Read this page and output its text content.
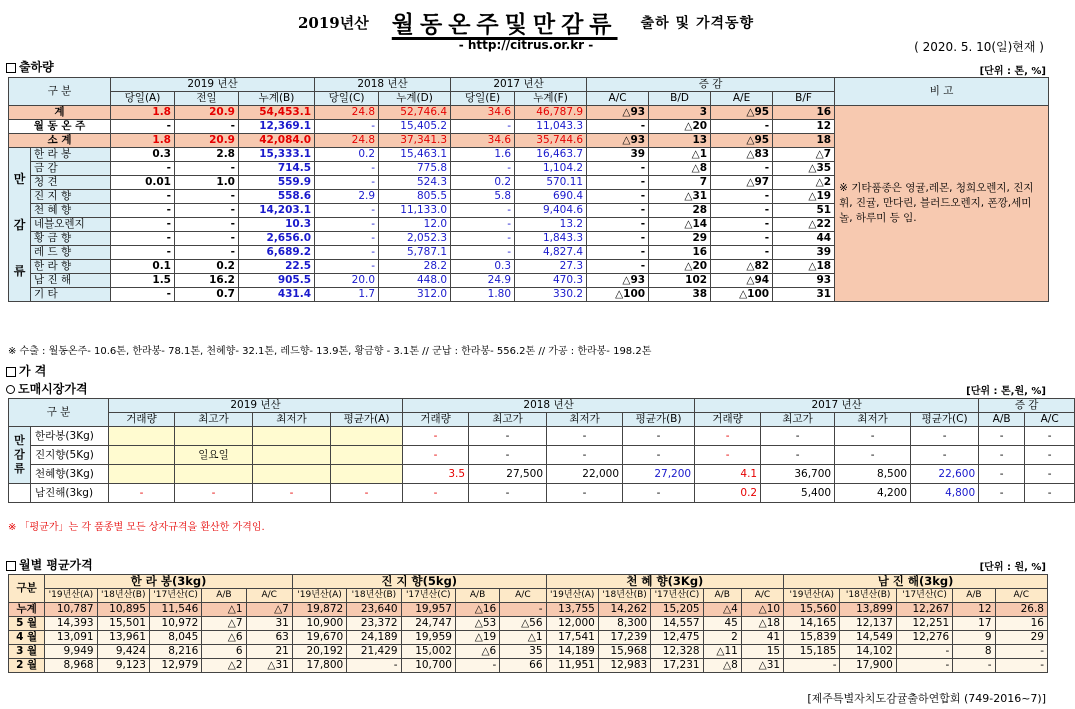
2019년산 월동온주및만감류 출하 및 가격동향
- http://citrus.or.kr -	( 2020. 5. 10(일)현재 )
출하량	[단위 : 톤, %]
구 분		2019 년산			2018 년산		2017 년산		증 감				비 고
		당일(A)	전일	누계(B)	당일(C)	누계(D)	당일(E)	누계(F)	A/C	B/D	A/E	B/F	
계		1.8	20.9	54,453.1	24.8	52,746.4	34.6	46,787.9	△93	3	△95	16	※ 기타품종은 영귤,레몬, 청희오렌지, 진지휘, 진귤, 만다린, 블러드오렌지, 폰깡,세미놀, 하루미 등 임.
월 동 온 주		-	-	12,369.1	-	15,405.2	-	11,043.3	-	△20	-	12	
소 계		1.8	20.9	42,084.0	24.8	37,341.3	34.6	35,744.6	△93	13	△95	18	

만
감
류	한 라 봉	0.3	2.8	15,333.1	0.2	15,463.1	1.6	16,463.7	39	△1	△83	△7	
	금 감	-	-	714.5	-	775.8	-	1,104.2	-	△8	-	△35	
	청 견	0.01	1.0	559.9	-	524.3	0.2	570.11	-	7	△97	△2	
	진 지 향	-	-	558.6	2.9	805.5	5.8	690.4	-	△31	-	△19	
	천 혜 향	-	-	14,203.1	-	11,133.0	-	9,404.6	-	28	-	51	
	네블오렌지	-	-	10.3	-	12.0	-	13.2	-	△14	-	△22	
	황 금 향	-	-	2,656.0	-	2,052.3	-	1,843.3	-	29	-	44	
	레 드 향	-	-	6,689.2	-	5,787.1	-	4,827.4	-	16	-	39	
	한 라 향	0.1	0.2	22.5	-	28.2	0.3	27.3	-	△20	△82	△18	
	남 진 해	1.5	16.2	905.5	20.0	448.0	24.9	470.3	△93	102	△94	93	
	기 타	-	0.7	431.4	1.7	312.0	1.80	330.2	△100	38	△100	31	
※ 수출 : 월동온주- 10.6톤, 한라봉- 78.1톤, 천혜향- 32.1톤, 레드향- 13.9톤, 황금향 - 3.1톤 // 군납 : 한라봉- 556.2톤 // 가공 : 한라봉- 198.2톤
가 격
도매시장가격	[단위 : 톤,원, %]
구 분		2019 년산				2018 년산				2017 년산				증 감	
		거래량	최고가	최저가	평균가(A)	거래량	최고가	최저가	평균가(B)	거래량	최고가	최저가	평균가(C)	A/B	A/C

만
감
류	한라봉(3Kg)					-	-	-	-	-	-	-	-	-	-
	진지향(5Kg)		일요일			-	-	-	-	-	-	-	-	-	-
	천혜향(3Kg)					3.5	27,500	22,000	27,200	4.1	36,700	8,500	22,600	-	-
	남진해(3kg)	-	-	-	-	-	-	-	-	0.2	5,400	4,200	4,800	-	-
※ 「평균가」는 각 품종별 모든 상자규격을 환산한 가격임.
월별 평균가격	[단위 : 원, %]
구분	한 라 봉(3kg)					진 지 향(5kg)					천 혜 향(3Kg)					남 진 해(3kg)				
	'19년산(A)	'18년산(B)	'17년산(C)	A/B	A/C	'19년산(A)	'18년산(B)	'17년산(C)	A/B	A/C	'19년산(A)	'18년산(B)	'17년산(C)	A/B	A/C	'19년산(A)	'18년산(B)	'17년산(C)	A/B	A/C
누계	10,787	10,895	11,546	△1	△7	19,872	23,640	19,957	△16	-	13,755	14,262	15,205	△4	△10	15,560	13,899	12,267	12	26.8
5 월	14,393	15,501	10,972	△7	31	10,900	23,372	24,747	△53	△56	12,000	8,300	14,557	45	△18	14,165	12,137	12,251	17	16
4 월	13,091	13,961	8,045	△6	63	19,670	24,189	19,959	△19	△1	17,541	17,239	12,475	2	41	15,839	14,549	12,276	9	29
3 월	9,949	9,424	8,216	6	21	20,192	21,429	15,002	△6	35	14,189	15,968	12,328	△11	15	15,185	14,102	-	8	-
2 월	8,968	9,123	12,979	△2	△31	17,800	-	10,700	-	66	11,951	12,983	17,231	△8	△31	-	17,900	-	-	-
[제주특별자치도감귤출하연합회 (749-2016~7)]
